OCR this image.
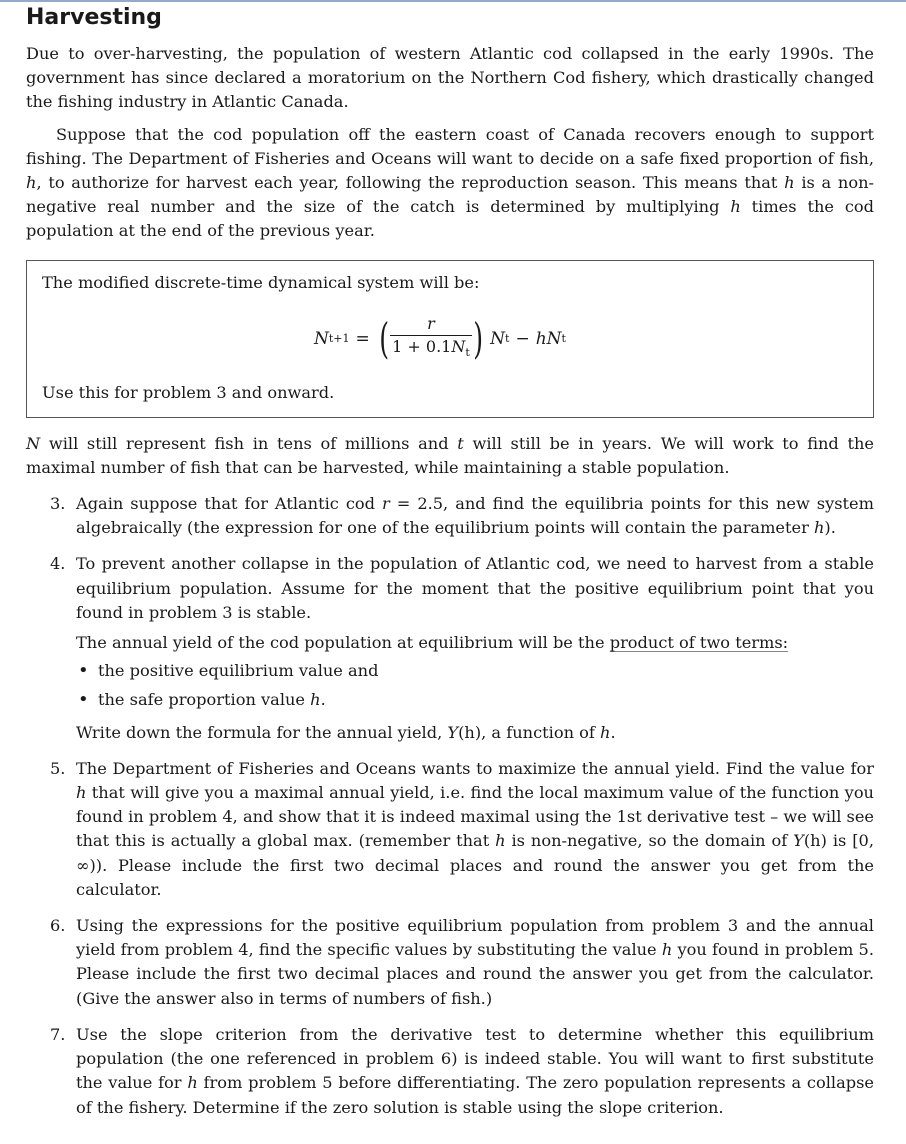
Harvesting

Due to over-harvesting, the population of western Atlantic cod collapsed in the early 1990s. The government has since declared a moratorium on the Northern Cod fishery, which drastically changed the fishing industry in Atlantic Canada.

Suppose that the cod population off the eastern coast of Canada recovers enough to support fishing. The Department of Fisheries and Oceans will want to decide on a safe fixed proportion of fish, h, to authorize for harvest each year, following the reproduction season. This means that h is a non-negative real number and the size of the catch is determined by multiplying h times the cod population at the end of the previous year.

The modified discrete-time dynamical system will be:
N t+1 = ( $\frac{r}{1 + 0.1N_t}$ ) N t − hN t
Use this for problem 3 and onward.

N will still represent fish in tens of millions and t will still be in years. We will work to find the maximal number of fish that can be harvested, while maintaining a stable population.

3. Again suppose that for Atlantic cod r = 2.5, and find the equilibria points for this new system algebraically (the expression for one of the equilibrium points will contain the parameter h).
4. To prevent another collapse in the population of Atlantic cod, we need to harvest from a stable equilibrium population. Assume for the moment that the positive equilibrium point that you found in problem 3 is stable.
The annual yield of the cod population at equilibrium will be the product of two terms:
• the positive equilibrium value and
• the safe proportion value h.
Write down the formula for the annual yield, Y(h), a function of h.
5. The Department of Fisheries and Oceans wants to maximize the annual yield. Find the value for h that will give you a maximal annual yield, i.e. find the local maximum value of the function you found in problem 4, and show that it is indeed maximal using the 1st derivative test – we will see that this is actually a global max. (remember that h is non-negative, so the domain of Y(h) is [0, ∞)). Please include the first two decimal places and round the answer you get from the calculator.
6. Using the expressions for the positive equilibrium population from problem 3 and the annual yield from problem 4, find the specific values by substituting the value h you found in problem 5. Please include the first two decimal places and round the answer you get from the calculator. (Give the answer also in terms of numbers of fish.)
7. Use the slope criterion from the derivative test to determine whether this equilibrium population (the one referenced in problem 6) is indeed stable. You will want to first substitute the value for h from problem 5 before differentiating. The zero population represents a collapse of the fishery. Determine if the zero solution is stable using the slope criterion.
